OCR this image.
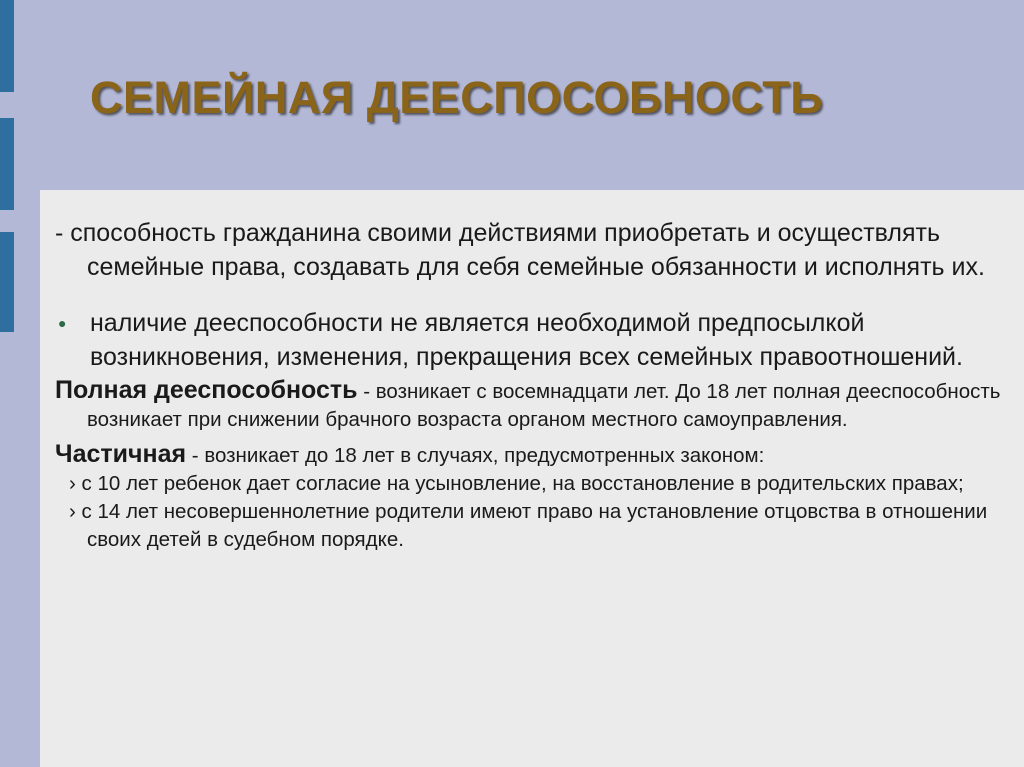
СЕМЕЙНАЯ ДЕЕСПОСОБНОСТЬ

- способность гражданина своими действиями приобретать и осуществлять семейные права, создавать для себя семейные обязанности и исполнять их.

● наличие дееспособности не является необходимой предпосылкой возникновения, изменения, прекращения всех семейных правоотношений.

Полная дееспособность - возникает с восемнадцати лет. До 18 лет полная дееспособность возникает при снижении брачного возраста органом местного самоуправления.

Частичная - возникает до 18 лет в случаях, предусмотренных законом:

› с 10 лет ребенок дает согласие на усыновление, на восстановление в родительских правах;

› с 14 лет несовершеннолетние родители имеют право на установление отцовства в отношении своих детей в судебном порядке.
